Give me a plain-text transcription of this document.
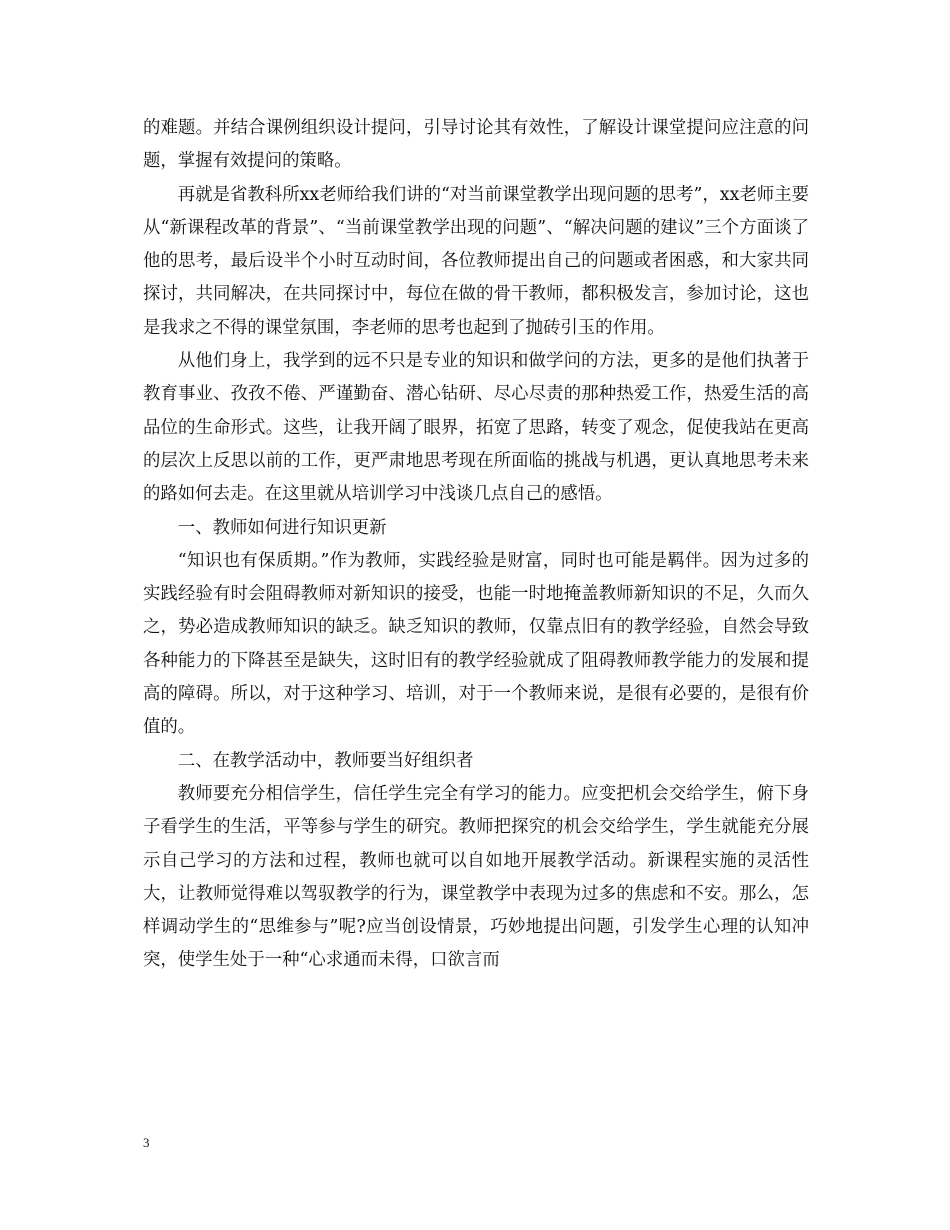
的难题。并结合课例组织设计提问，引导讨论其有效性，了解设计课堂提问应注意的问题，掌握有效提问的策略。

再就是省教科所xx老师给我们讲的“对当前课堂教学出现问题的思考”，xx老师主要从“新课程改革的背景”、“当前课堂教学出现的问题”、“解决问题的建议”三个方面谈了他的思考，最后设半个小时互动时间，各位教师提出自己的问题或者困惑，和大家共同探讨，共同解决，在共同探讨中，每位在做的骨干教师，都积极发言，参加讨论，这也是我求之不得的课堂氛围，李老师的思考也起到了抛砖引玉的作用。

从他们身上，我学到的远不只是专业的知识和做学问的方法，更多的是他们执著于教育事业、孜孜不倦、严谨勤奋、潜心钻研、尽心尽责的那种热爱工作，热爱生活的高品位的生命形式。这些，让我开阔了眼界，拓宽了思路，转变了观念，促使我站在更高的层次上反思以前的工作，更严肃地思考现在所面临的挑战与机遇，更认真地思考未来的路如何去走。在这里就从培训学习中浅谈几点自己的感悟。

一、教师如何进行知识更新

“知识也有保质期。”作为教师，实践经验是财富，同时也可能是羁伴。因为过多的实践经验有时会阻碍教师对新知识的接受，也能一时地掩盖教师新知识的不足，久而久之，势必造成教师知识的缺乏。缺乏知识的教师，仅靠点旧有的教学经验，自然会导致各种能力的下降甚至是缺失，这时旧有的教学经验就成了阻碍教师教学能力的发展和提高的障碍。所以，对于这种学习、培训，对于一个教师来说，是很有必要的，是很有价值的。

二、在教学活动中，教师要当好组织者

教师要充分相信学生，信任学生完全有学习的能力。应变把机会交给学生，俯下身子看学生的生活，平等参与学生的研究。教师把探究的机会交给学生，学生就能充分展示自己学习的方法和过程，教师也就可以自如地开展教学活动。新课程实施的灵活性大，让教师觉得难以驾驭教学的行为，课堂教学中表现为过多的焦虑和不安。那么，怎样调动学生的“思维参与”呢?应当创设情景，巧妙地提出问题，引发学生心理的认知冲突，使学生处于一种“心求通而未得，口欲言而

3
